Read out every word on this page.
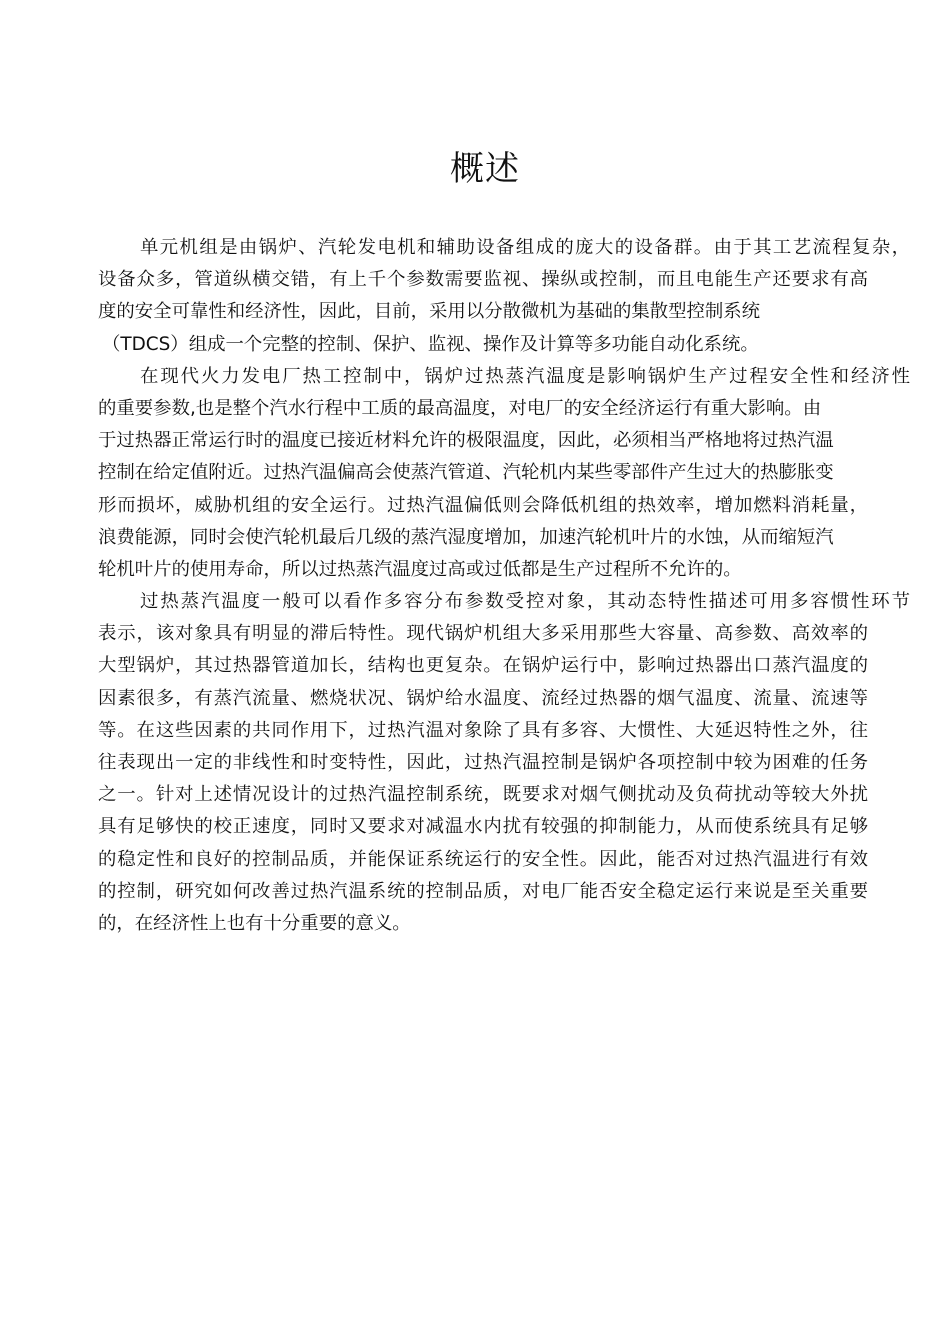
概述
单元机组是由锅炉、汽轮发电机和辅助设备组成的庞大的设备群。由于其工艺流程复杂，
设备众多，管道纵横交错，有上千个参数需要监视、操纵或控制，而且电能生产还要求有高
度的安全可靠性和经济性，因此，目前，采用以分散微机为基础的集散型控制系统
（TDCS）组成一个完整的控制、保护、监视、操作及计算等多功能自动化系统。
在现代火力发电厂热工控制中，锅炉过热蒸汽温度是影响锅炉生产过程安全性和经济性
的重要参数,也是整个汽水行程中工质的最高温度，对电厂的安全经济运行有重大影响。由
于过热器正常运行时的温度已接近材料允许的极限温度，因此，必须相当严格地将过热汽温
控制在给定值附近。过热汽温偏高会使蒸汽管道、汽轮机内某些零部件产生过大的热膨胀变
形而损坏，威胁机组的安全运行。过热汽温偏低则会降低机组的热效率，增加燃料消耗量，
浪费能源，同时会使汽轮机最后几级的蒸汽湿度增加，加速汽轮机叶片的水蚀，从而缩短汽
轮机叶片的使用寿命，所以过热蒸汽温度过高或过低都是生产过程所不允许的。
过热蒸汽温度一般可以看作多容分布参数受控对象，其动态特性描述可用多容惯性环节
表示，该对象具有明显的滞后特性。现代锅炉机组大多采用那些大容量、高参数、高效率的
大型锅炉，其过热器管道加长，结构也更复杂。在锅炉运行中，影响过热器出口蒸汽温度的
因素很多，有蒸汽流量、燃烧状况、锅炉给水温度、流经过热器的烟气温度、流量、流速等
等。在这些因素的共同作用下，过热汽温对象除了具有多容、大惯性、大延迟特性之外，往
往表现出一定的非线性和时变特性，因此，过热汽温控制是锅炉各项控制中较为困难的任务
之一。针对上述情况设计的过热汽温控制系统，既要求对烟气侧扰动及负荷扰动等较大外扰
具有足够快的校正速度，同时又要求对减温水内扰有较强的抑制能力，从而使系统具有足够
的稳定性和良好的控制品质，并能保证系统运行的安全性。因此，能否对过热汽温进行有效
的控制，研究如何改善过热汽温系统的控制品质，对电厂能否安全稳定运行来说是至关重要
的，在经济性上也有十分重要的意义。
